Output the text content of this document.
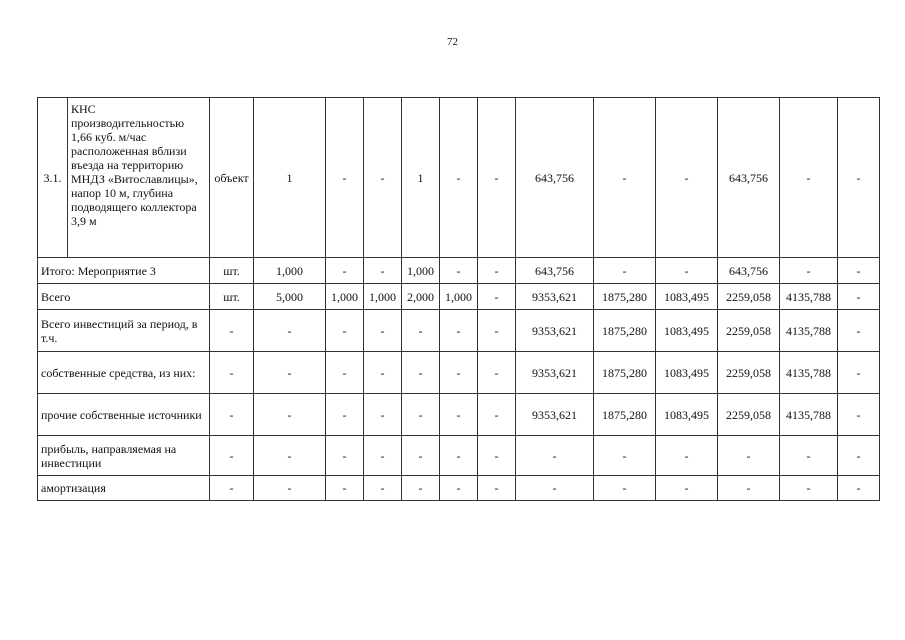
72
3.1.	КНС производительностью 1,66 куб. м/час расположенная вблизи въезда на территорию МНДЗ «Витославлицы», напор 10 м, глубина подводящего коллектора 3,9 м	объект	1	-	-	1	-	-	643,756	-	-	643,756	-	-
Итого: Мероприятие 3		шт.	1,000	-	-	1,000	-	-	643,756	-	-	643,756	-	-
Всего		шт.	5,000	1,000	1,000	2,000	1,000	-	9353,621	1875,280	1083,495	2259,058	4135,788	-
Всего инвестиций за период, в т.ч.		-	-	-	-	-	-	-	9353,621	1875,280	1083,495	2259,058	4135,788	-
собственные средства, из них:		-	-	-	-	-	-	-	9353,621	1875,280	1083,495	2259,058	4135,788	-
прочие собственные источники		-	-	-	-	-	-	-	9353,621	1875,280	1083,495	2259,058	4135,788	-
прибыль, направляемая на инвестиции		-	-	-	-	-	-	-	-	-	-	-	-	-
амортизация		-	-	-	-	-	-	-	-	-	-	-	-	-
